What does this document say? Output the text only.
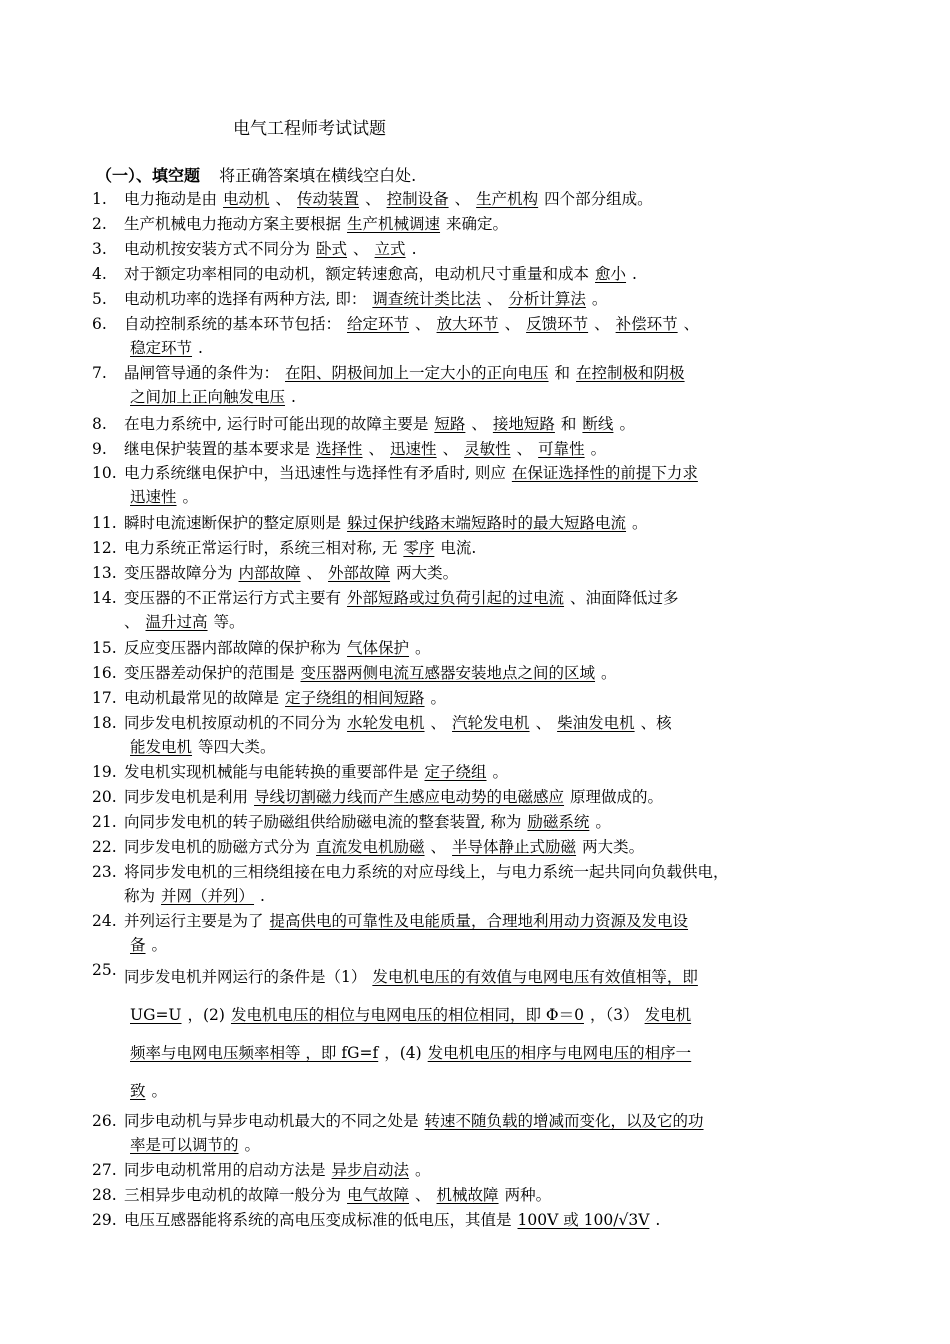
电气工程师考试试题
（一）、填空题 将正确答案填在横线空白处.
1.	电力拖动是由 电动机 、 传动装置 、 控制设备 、 生产机构 四个部分组成。
2.	生产机械电力拖动方案主要根据 生产机械调速 来确定。
3.	电动机按安装方式不同分为 卧式 、 立式 .
4.	对于额定功率相同的电动机，额定转速愈高，电动机尺寸重量和成本 愈小 .
5.	电动机功率的选择有两种方法, 即： 调查统计类比法 、 分析计算法 。
6.	自动控制系统的基本环节包括： 给定环节 、 放大环节 、 反馈环节 、 补偿环节 、
稳定环节 .
7.	晶闸管导通的条件为： 在阳、阴极间加上一定大小的正向电压 和 在控制极和阴极
之间加上正向触发电压 .
8.	在电力系统中, 运行时可能出现的故障主要是 短路 、 接地短路 和 断线 。
9.	继电保护装置的基本要求是 选择性 、 迅速性 、 灵敏性 、 可靠性 。
10. 电力系统继电保护中，当迅速性与选择性有矛盾时, 则应 在保证选择性的前提下力求
迅速性 。
11. 瞬时电流速断保护的整定原则是 躲过保护线路末端短路时的最大短路电流 。
12. 电力系统正常运行时，系统三相对称, 无 零序 电流.
13. 变压器故障分为 内部故障 、 外部故障 两大类。
14. 变压器的不正常运行方式主要有 外部短路或过负荷引起的过电流 、油面降低过多
、 温升过高 等。
15. 反应变压器内部故障的保护称为 气体保护 。
16. 变压器差动保护的范围是 变压器两侧电流互感器安装地点之间的区域 。
17. 电动机最常见的故障是 定子绕组的相间短路 。
18. 同步发电机按原动机的不同分为 水轮发电机 、 汽轮发电机 、 柴油发电机 、核
能发电机 等四大类。
19. 发电机实现机械能与电能转换的重要部件是 定子绕组 。
20. 同步发电机是利用 导线切割磁力线而产生感应电动势的电磁感应 原理做成的。
21. 向同步发电机的转子励磁组供给励磁电流的整套装置, 称为 励磁系统 。
22. 同步发电机的励磁方式分为 直流发电机励磁 、 半导体静止式励磁 两大类。
23. 将同步发电机的三相绕组接在电力系统的对应母线上，与电力系统一起共同向负载供电，
称为 并网（并列） .
24. 并列运行主要是为了 提高供电的可靠性及电能质量，合理地利用动力资源及发电设
备 。
25. 同步发电机并网运行的条件是（1） 发电机电压的有效值与电网电压有效值相等，即
UG=U ，(2) 发电机电压的相位与电网电压的相位相同，即 Φ＝0 ，（3） 发电机
频率与电网电压频率相等 ，即 fG=f ，(4) 发电机电压的相序与电网电压的相序一
致 。
26. 同步电动机与异步电动机最大的不同之处是 转速不随负载的增减而变化，以及它的功
率是可以调节的 。
27. 同步电动机常用的启动方法是 异步启动法 。
28. 三相异步电动机的故障一般分为 电气故障 、 机械故障 两种。
29. 电压互感器能将系统的高电压变成标准的低电压，其值是 100V 或 100/√3V .
